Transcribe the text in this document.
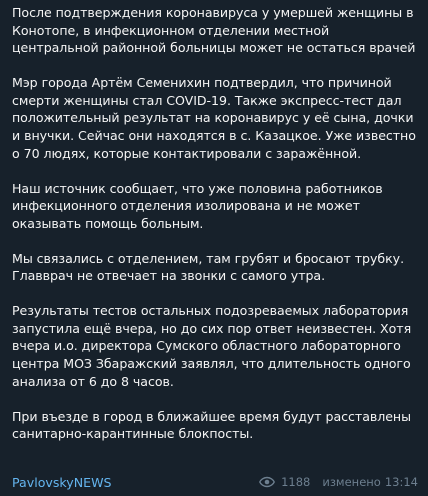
После подтверждения коронавируса у умершей женщины в Конотопе, в инфекционном отделении местной центральной районной больницы может не остаться врачей
Мэр города Артём Семенихин подтвердил, что причиной смерти женщины стал COVID-19. Также экспресс-тест дал положительный результат на коронавирус у её сына, дочки и внучки. Сейчас они находятся в с. Казацкое. Уже известно о 70 людях, которые контактировали с заражённой.
Наш источник сообщает, что уже половина работников инфекционного отделения изолирована и не может оказывать помощь больным.
Мы связались с отделением, там грубят и бросают трубку. Главврач не отвечает на звонки с самого утра.
Результаты тестов остальных подозреваемых лаборатория запустила ещё вчера, но до сих пор ответ неизвестен. Хотя вчера и.о. директора Сумского областного лабораторного центра МОЗ Збаражский заявлял, что длительность одного анализа от 6 до 8 часов.
При въезде в город в ближайшее время будут расставлены санитарно-карантинные блокпосты.
PavlovskyNEWS	1188 изменено 13:14
